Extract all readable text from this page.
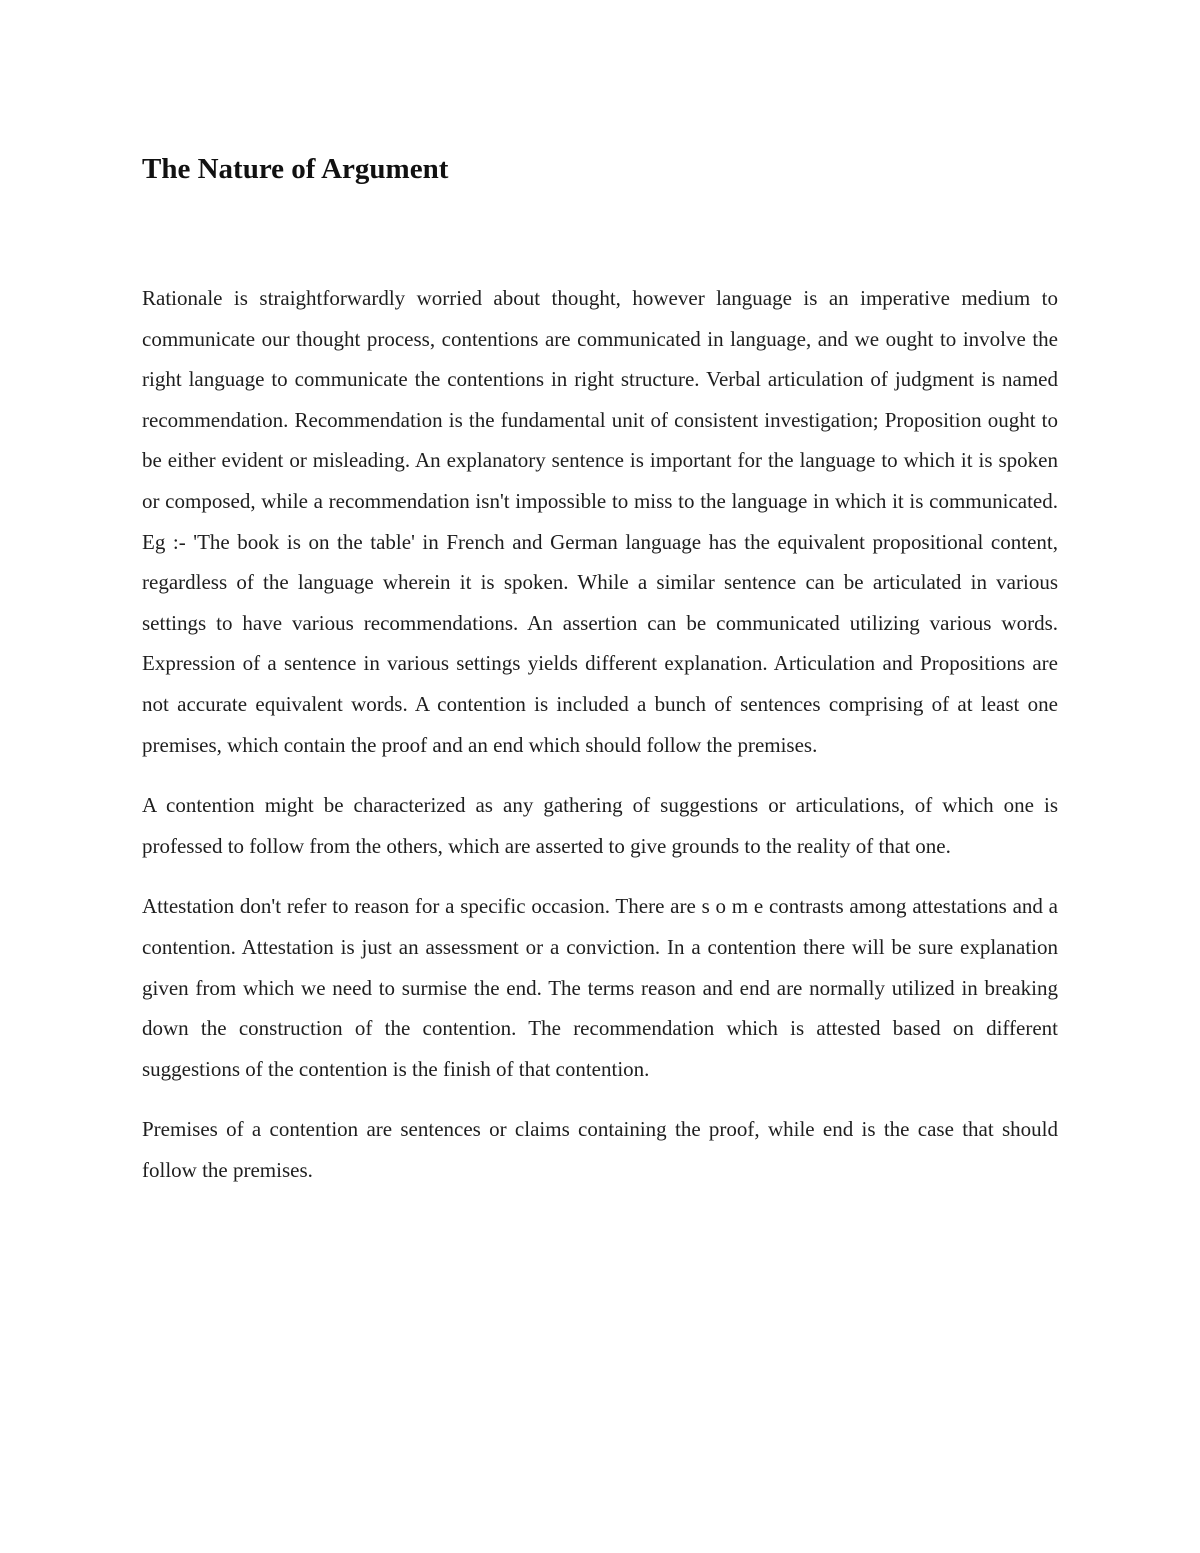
The Nature of Argument

Rationale is straightforwardly worried about thought, however language is an imperative medium to communicate our thought process, contentions are communicated in language, and we ought to involve the right language to communicate the contentions in right structure. Verbal articulation of judgment is named recommendation. Recommendation is the fundamental unit of consistent investigation; Proposition ought to be either evident or misleading. An explanatory sentence is important for the language to which it is spoken or composed, while a recommendation isn't impossible to miss to the language in which it is communicated. Eg :- 'The book is on the table' in French and German language has the equivalent propositional content, regardless of the language wherein it is spoken. While a similar sentence can be articulated in various settings to have various recommendations. An assertion can be communicated utilizing various words. Expression of a sentence in various settings yields different explanation. Articulation and Propositions are not accurate equivalent words. A contention is included a bunch of sentences comprising of at least one premises, which contain the proof and an end which should follow the premises.

A contention might be characterized as any gathering of suggestions or articulations, of which one is professed to follow from the others, which are asserted to give grounds to the reality of that one.

Attestation don't refer to reason for a specific occasion. There are s o m e contrasts among attestations and a contention. Attestation is just an assessment or a conviction. In a contention there will be sure explanation given from which we need to surmise the end. The terms reason and end are normally utilized in breaking down the construction of the contention. The recommendation which is attested based on different suggestions of the contention is the finish of that contention.

Premises of a contention are sentences or claims containing the proof, while end is the case that should follow the premises.
